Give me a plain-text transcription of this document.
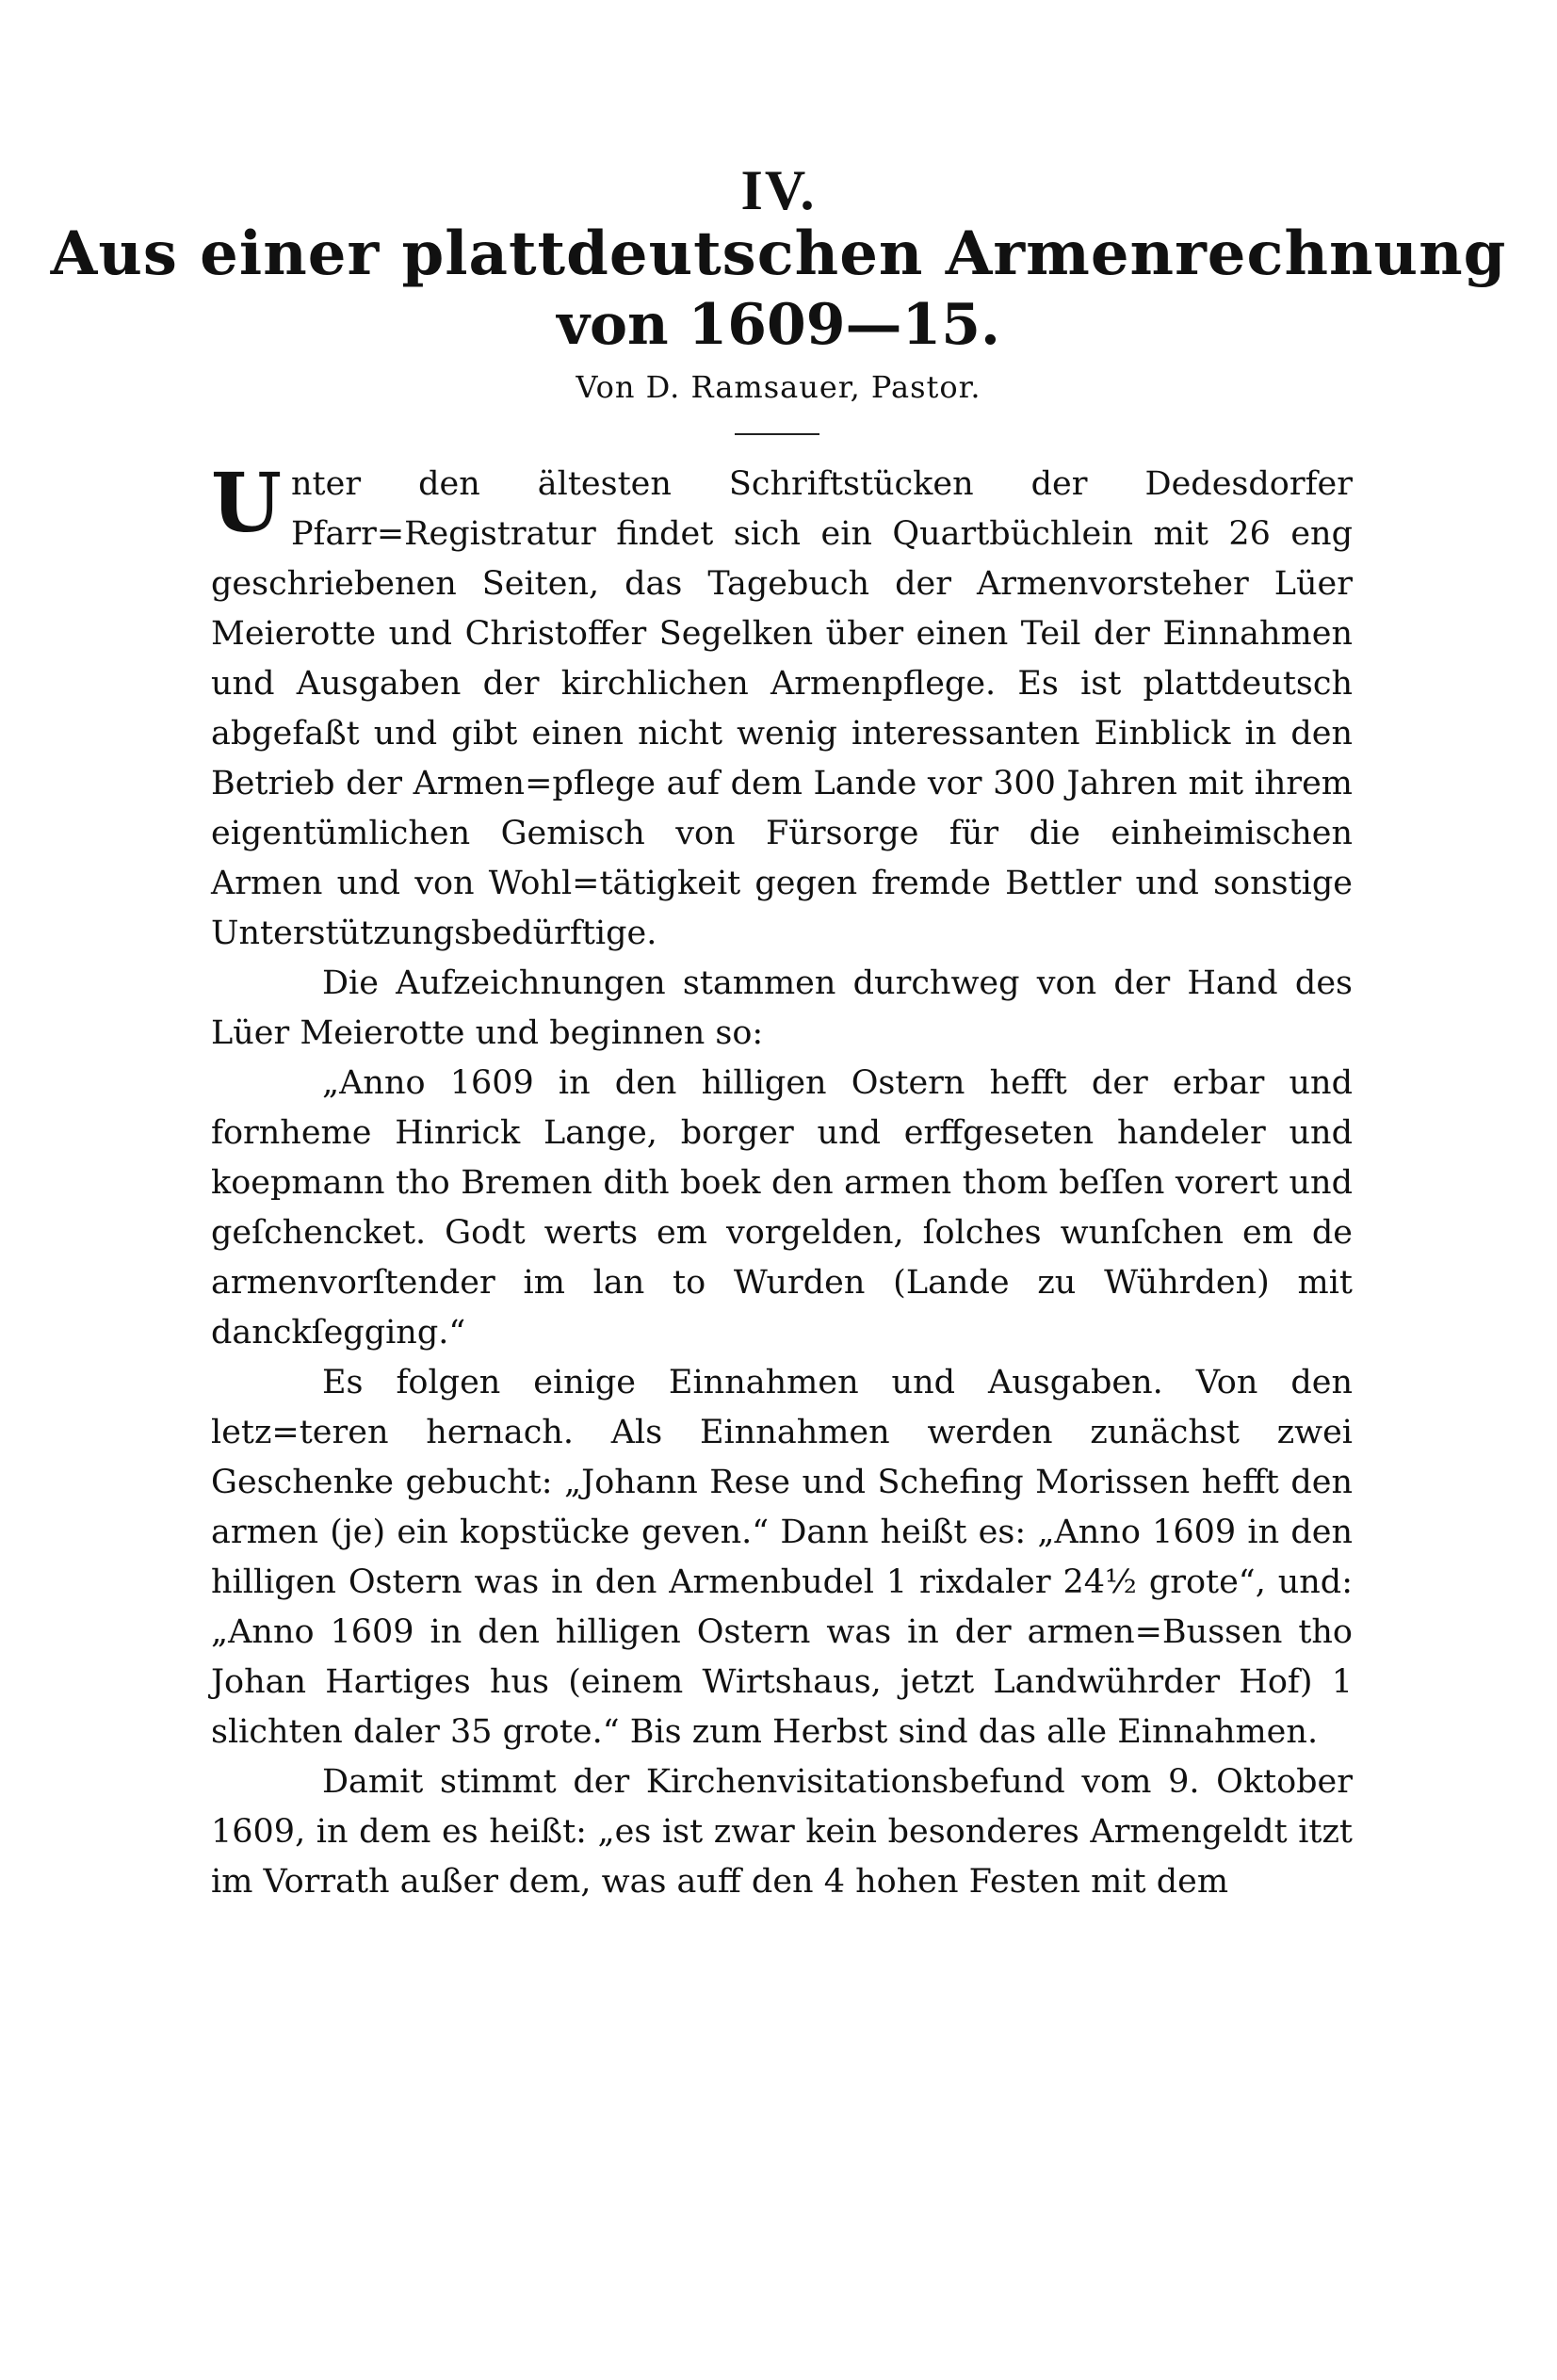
IV.
Aus einer plattdeutschen Armenrechnung
von 1609—15.
Von D. Ramsauer, Pastor.

Unter den ältesten Schriftstücken der Dedesdorfer Pfarr=Registratur findet sich ein Quartbüchlein mit 26 eng geschriebenen Seiten, das Tagebuch der Armenvorsteher Lüer Meierotte und Christoffer Segelken über einen Teil der Einnahmen und Ausgaben der kirchlichen Armenpflege. Es ist plattdeutsch abgefaßt und gibt einen nicht wenig interessanten Einblick in den Betrieb der Armen=pflege auf dem Lande vor 300 Jahren mit ihrem eigentümlichen Gemisch von Fürsorge für die einheimischen Armen und von Wohl=tätigkeit gegen fremde Bettler und sonstige Unterstützungsbedürftige.

Die Aufzeichnungen stammen durchweg von der Hand des Lüer Meierotte und beginnen so:

„Anno 1609 in den hilligen Ostern hefft der erbar und fornheme Hinrick Lange, borger und erffgeseten handeler und koepmann tho Bremen dith boek den armen thom beſſen vorert und geſchencket. Godt werts em vorgelden, ſolches wunſchen em de armenvorſtender im lan to Wurden (Lande zu Wührden) mit danckſegging.“

Es folgen einige Einnahmen und Ausgaben. Von den letz=teren hernach. Als Einnahmen werden zunächst zwei Geschenke gebucht: „Johann Rese und Schefing Morissen hefft den armen (je) ein kopstücke geven.“ Dann heißt es: „Anno 1609 in den hilligen Ostern was in den Armenbudel 1 rixdaler 24½ grote“, und: „Anno 1609 in den hilligen Ostern was in der armen=Bussen tho Johan Hartiges hus (einem Wirtshaus, jetzt Landwührder Hof) 1 slichten daler 35 grote.“ Bis zum Herbst sind das alle Einnahmen.

Damit stimmt der Kirchenvisitationsbefund vom 9. Oktober 1609, in dem es heißt: „es ist zwar kein besonderes Armengeldt itzt im Vorrath außer dem, was auff den 4 hohen Festen mit dem
